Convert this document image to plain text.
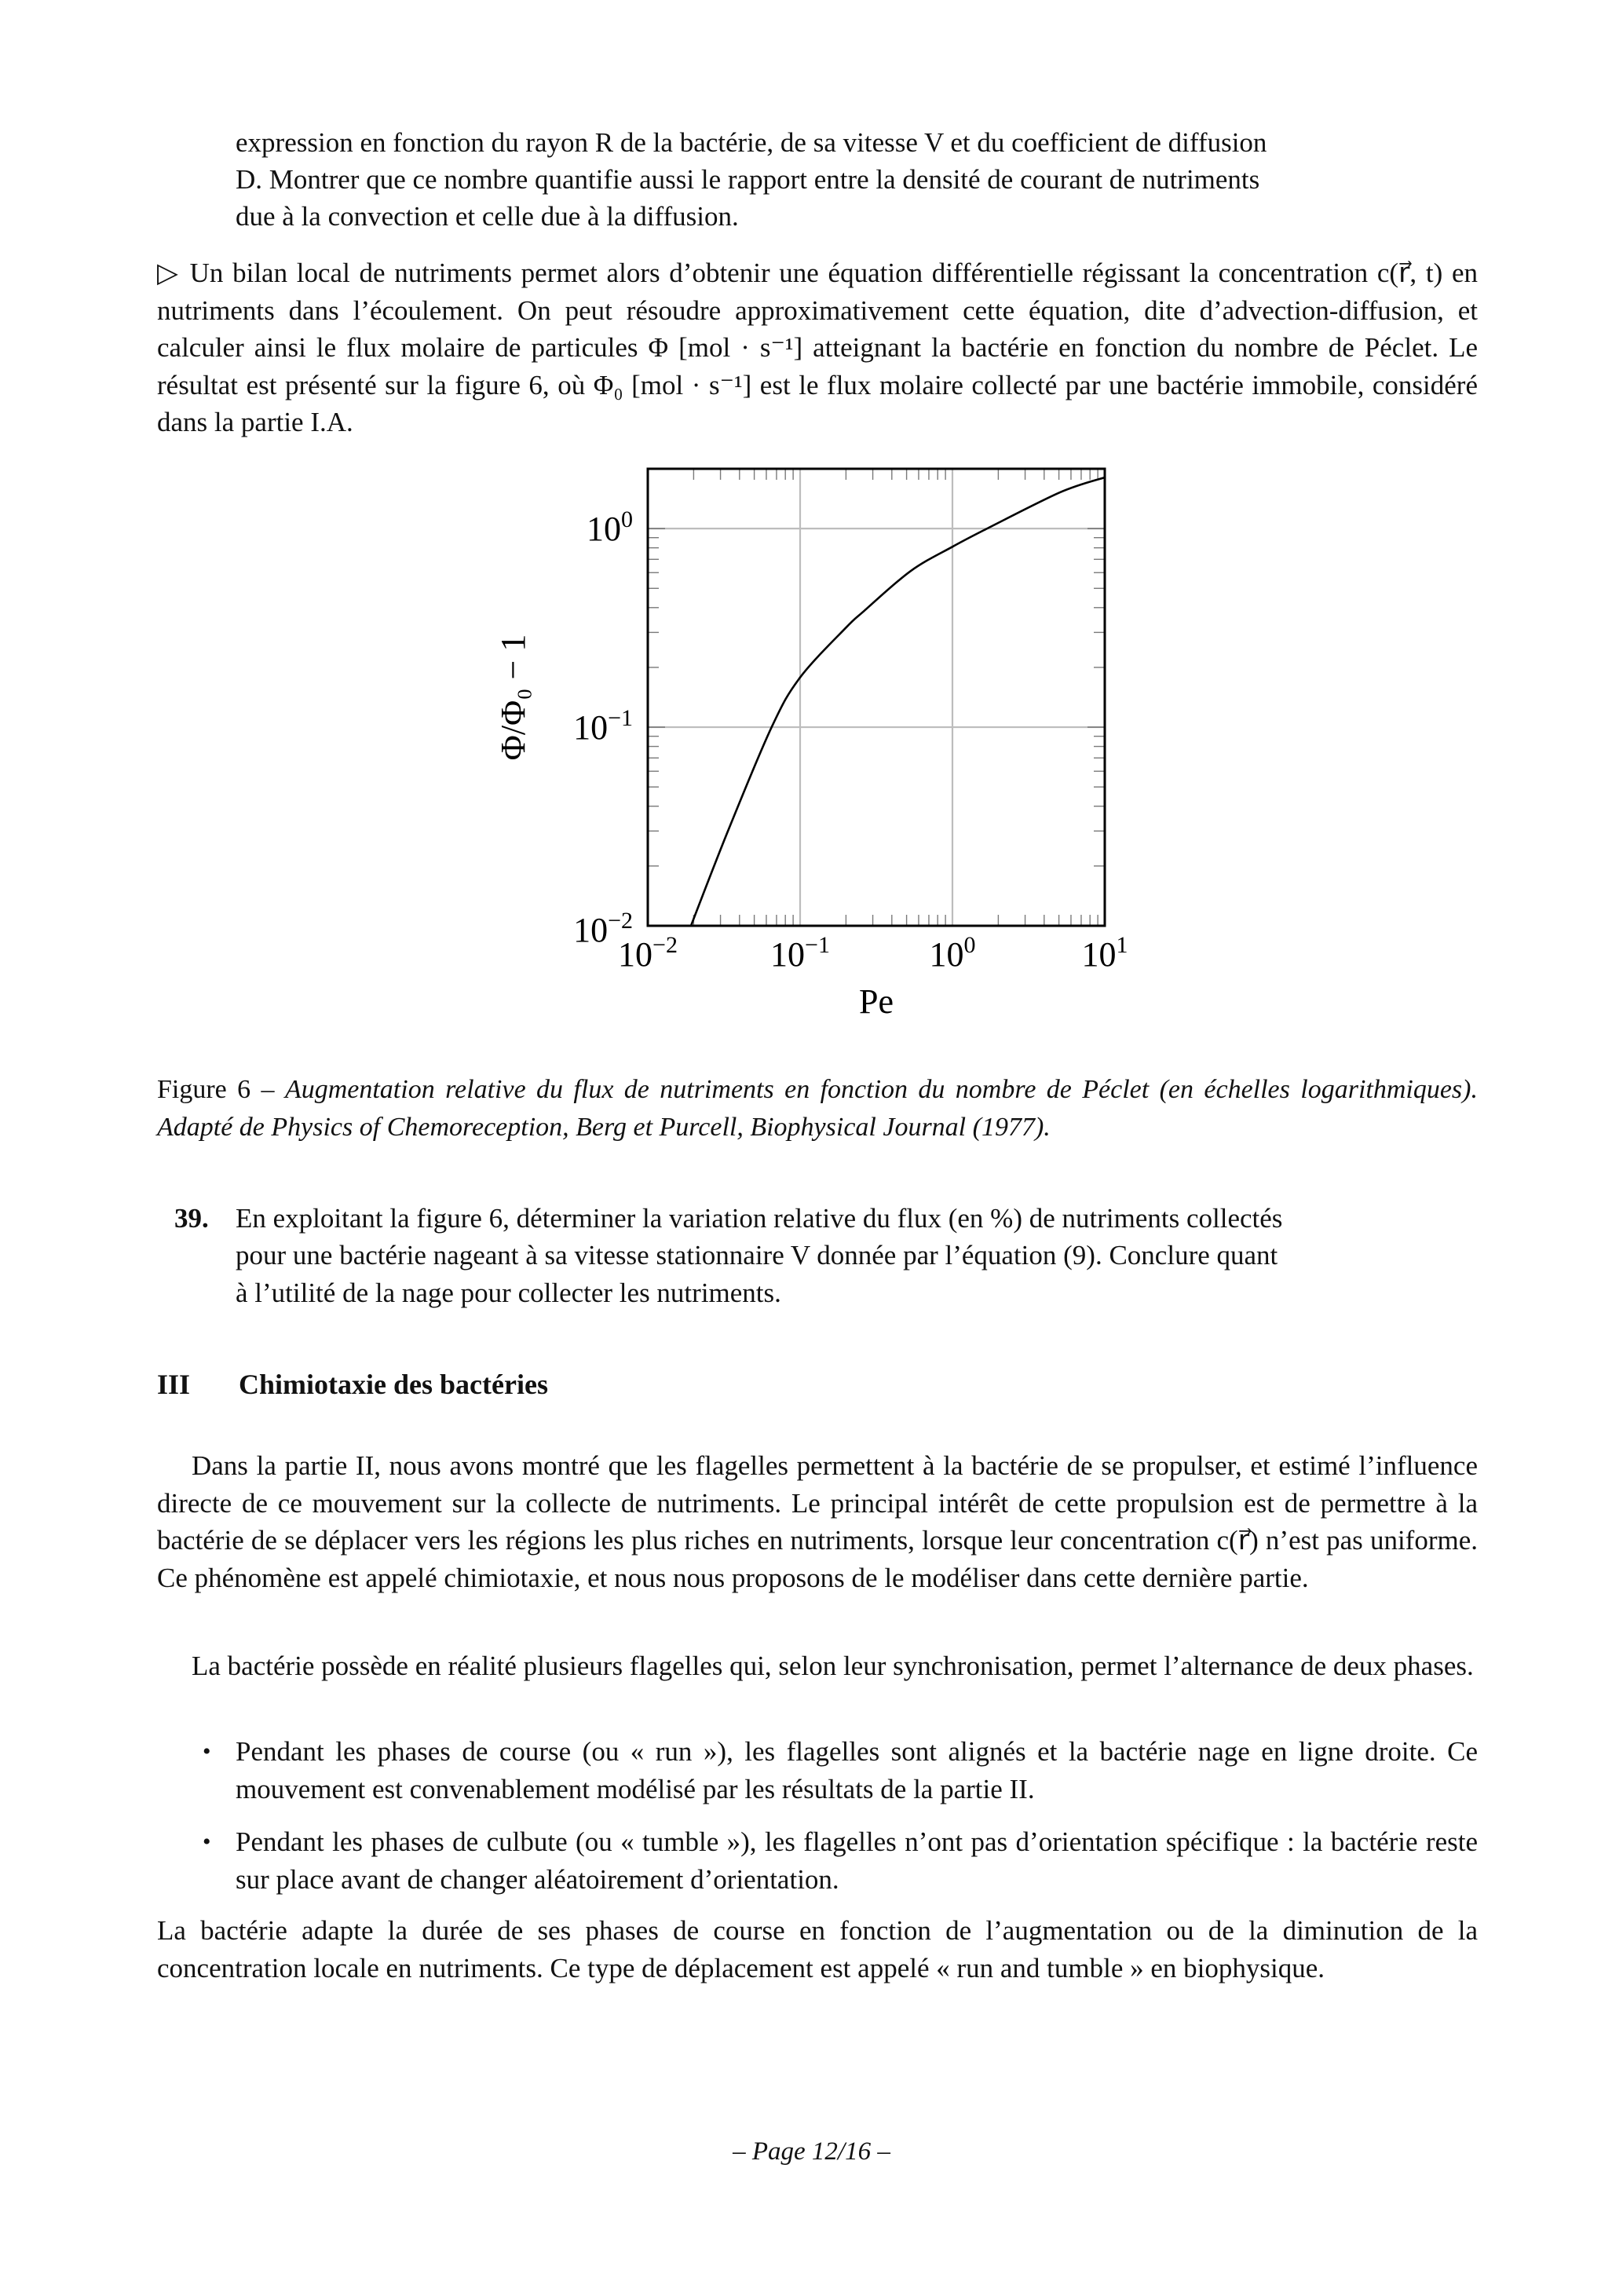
expression en fonction du rayon R de la bactérie, de sa vitesse V et du coefficient de diffusion
D. Montrer que ce nombre quantifie aussi le rapport entre la densité de courant de nutriments
due à la convection et celle due à la diffusion.
▷ Un bilan local de nutriments permet alors d’obtenir une équation différentielle régissant la concentration c(r⃗, t) en nutriments dans l’écoulement. On peut résoudre approximativement cette équation, dite d’advection-diffusion, et calculer ainsi le flux molaire de particules Φ [mol · s⁻¹] atteignant la bactérie en fonction du nombre de Péclet. Le résultat est présenté sur la figure 6, où Φ₀ [mol · s⁻¹] est le flux molaire collecté par une bactérie immobile, considéré dans la partie I.A.
$10^{-2}$	$10^{-1}$	$10^0$	$10^1$
$10^{-2}$
$10^{-1}$
$10^0$
Pe
Φ/Φ₀ − 1
Figure 6 – Augmentation relative du flux de nutriments en fonction du nombre de Péclet (en échelles logarithmiques). Adapté de Physics of Chemoreception, Berg et Purcell, Biophysical Journal (1977).
39. En exploitant la figure 6, déterminer la variation relative du flux (en %) de nutriments collectés
pour une bactérie nageant à sa vitesse stationnaire V donnée par l’équation (9). Conclure quant
à l’utilité de la nage pour collecter les nutriments.
III Chimiotaxie des bactéries
Dans la partie II, nous avons montré que les flagelles permettent à la bactérie de se propulser, et estimé l’influence directe de ce mouvement sur la collecte de nutriments. Le principal intérêt de cette propulsion est de permettre à la bactérie de se déplacer vers les régions les plus riches en nutriments, lorsque leur concentration c(r⃗) n’est pas uniforme. Ce phénomène est appelé chimiotaxie, et nous nous proposons de le modéliser dans cette dernière partie.
La bactérie possède en réalité plusieurs flagelles qui, selon leur synchronisation, permet l’alternance de deux phases.
• Pendant les phases de course (ou « run »), les flagelles sont alignés et la bactérie nage en ligne droite. Ce mouvement est convenablement modélisé par les résultats de la partie II.
• Pendant les phases de culbute (ou « tumble »), les flagelles n’ont pas d’orientation spécifique : la bactérie reste sur place avant de changer aléatoirement d’orientation.
La bactérie adapte la durée de ses phases de course en fonction de l’augmentation ou de la diminution de la concentration locale en nutriments. Ce type de déplacement est appelé « run and tumble » en biophysique.
– Page 12/16 –
